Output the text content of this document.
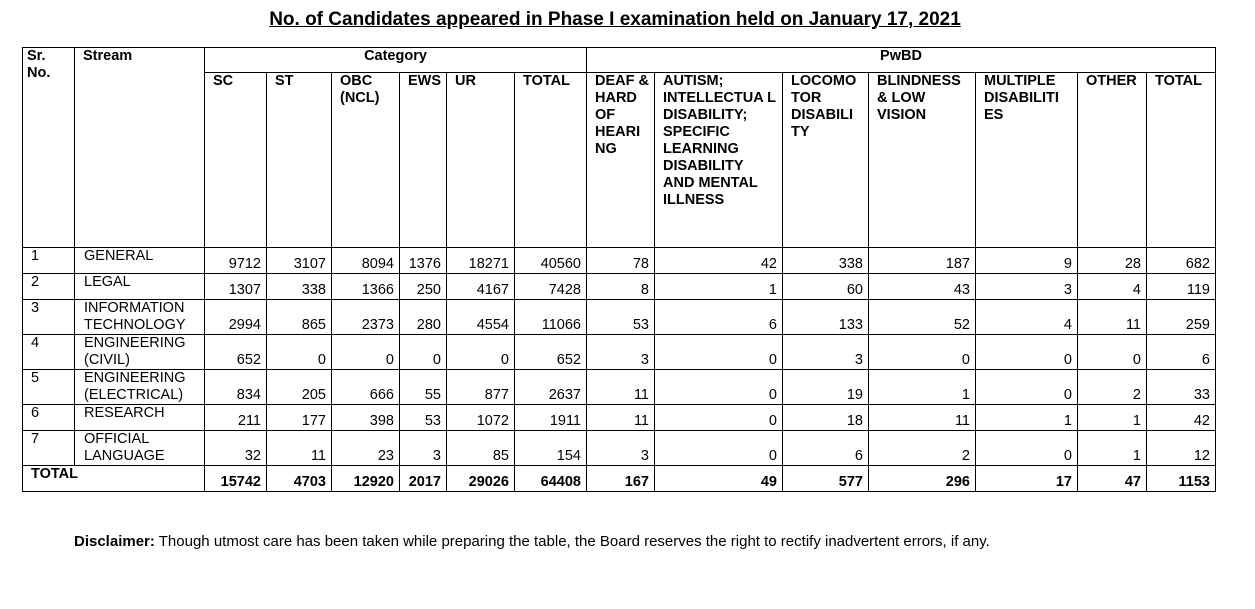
No. of Candidates appeared in Phase I examination held on January 17, 2021
Sr. No.	Stream	Category						PwBD						
		SC	ST	OBC (NCL)	EWS	UR	TOTAL	DEAF & HARD OF HEARI NG	AUTISM; INTELLECTUA L DISABILITY; SPECIFIC LEARNING DISABILITY AND MENTAL ILLNESS	LOCOMO TOR DISABILI TY	BLINDNESS & LOW VISION	MULTIPLE DISABILITI ES	OTHER	TOTAL
1	GENERAL	9712	3107	8094	1376	18271	40560	78	42	338	187	9	28	682
2	LEGAL	1307	338	1366	250	4167	7428	8	1	60	43	3	4	119
3	INFORMATION TECHNOLOGY	2994	865	2373	280	4554	11066	53	6	133	52	4	11	259
4	ENGINEERING (CIVIL)	652	0	0	0	0	652	3	0	3	0	0	0	6
5	ENGINEERING (ELECTRICAL)	834	205	666	55	877	2637	11	0	19	1	0	2	33
6	RESEARCH	211	177	398	53	1072	1911	11	0	18	11	1	1	42
7	OFFICIAL LANGUAGE	32	11	23	3	85	154	3	0	6	2	0	1	12
TOTAL		15742	4703	12920	2017	29026	64408	167	49	577	296	17	47	1153
Disclaimer: Though utmost care has been taken while preparing the table, the Board reserves the right to rectify inadvertent errors, if any.
